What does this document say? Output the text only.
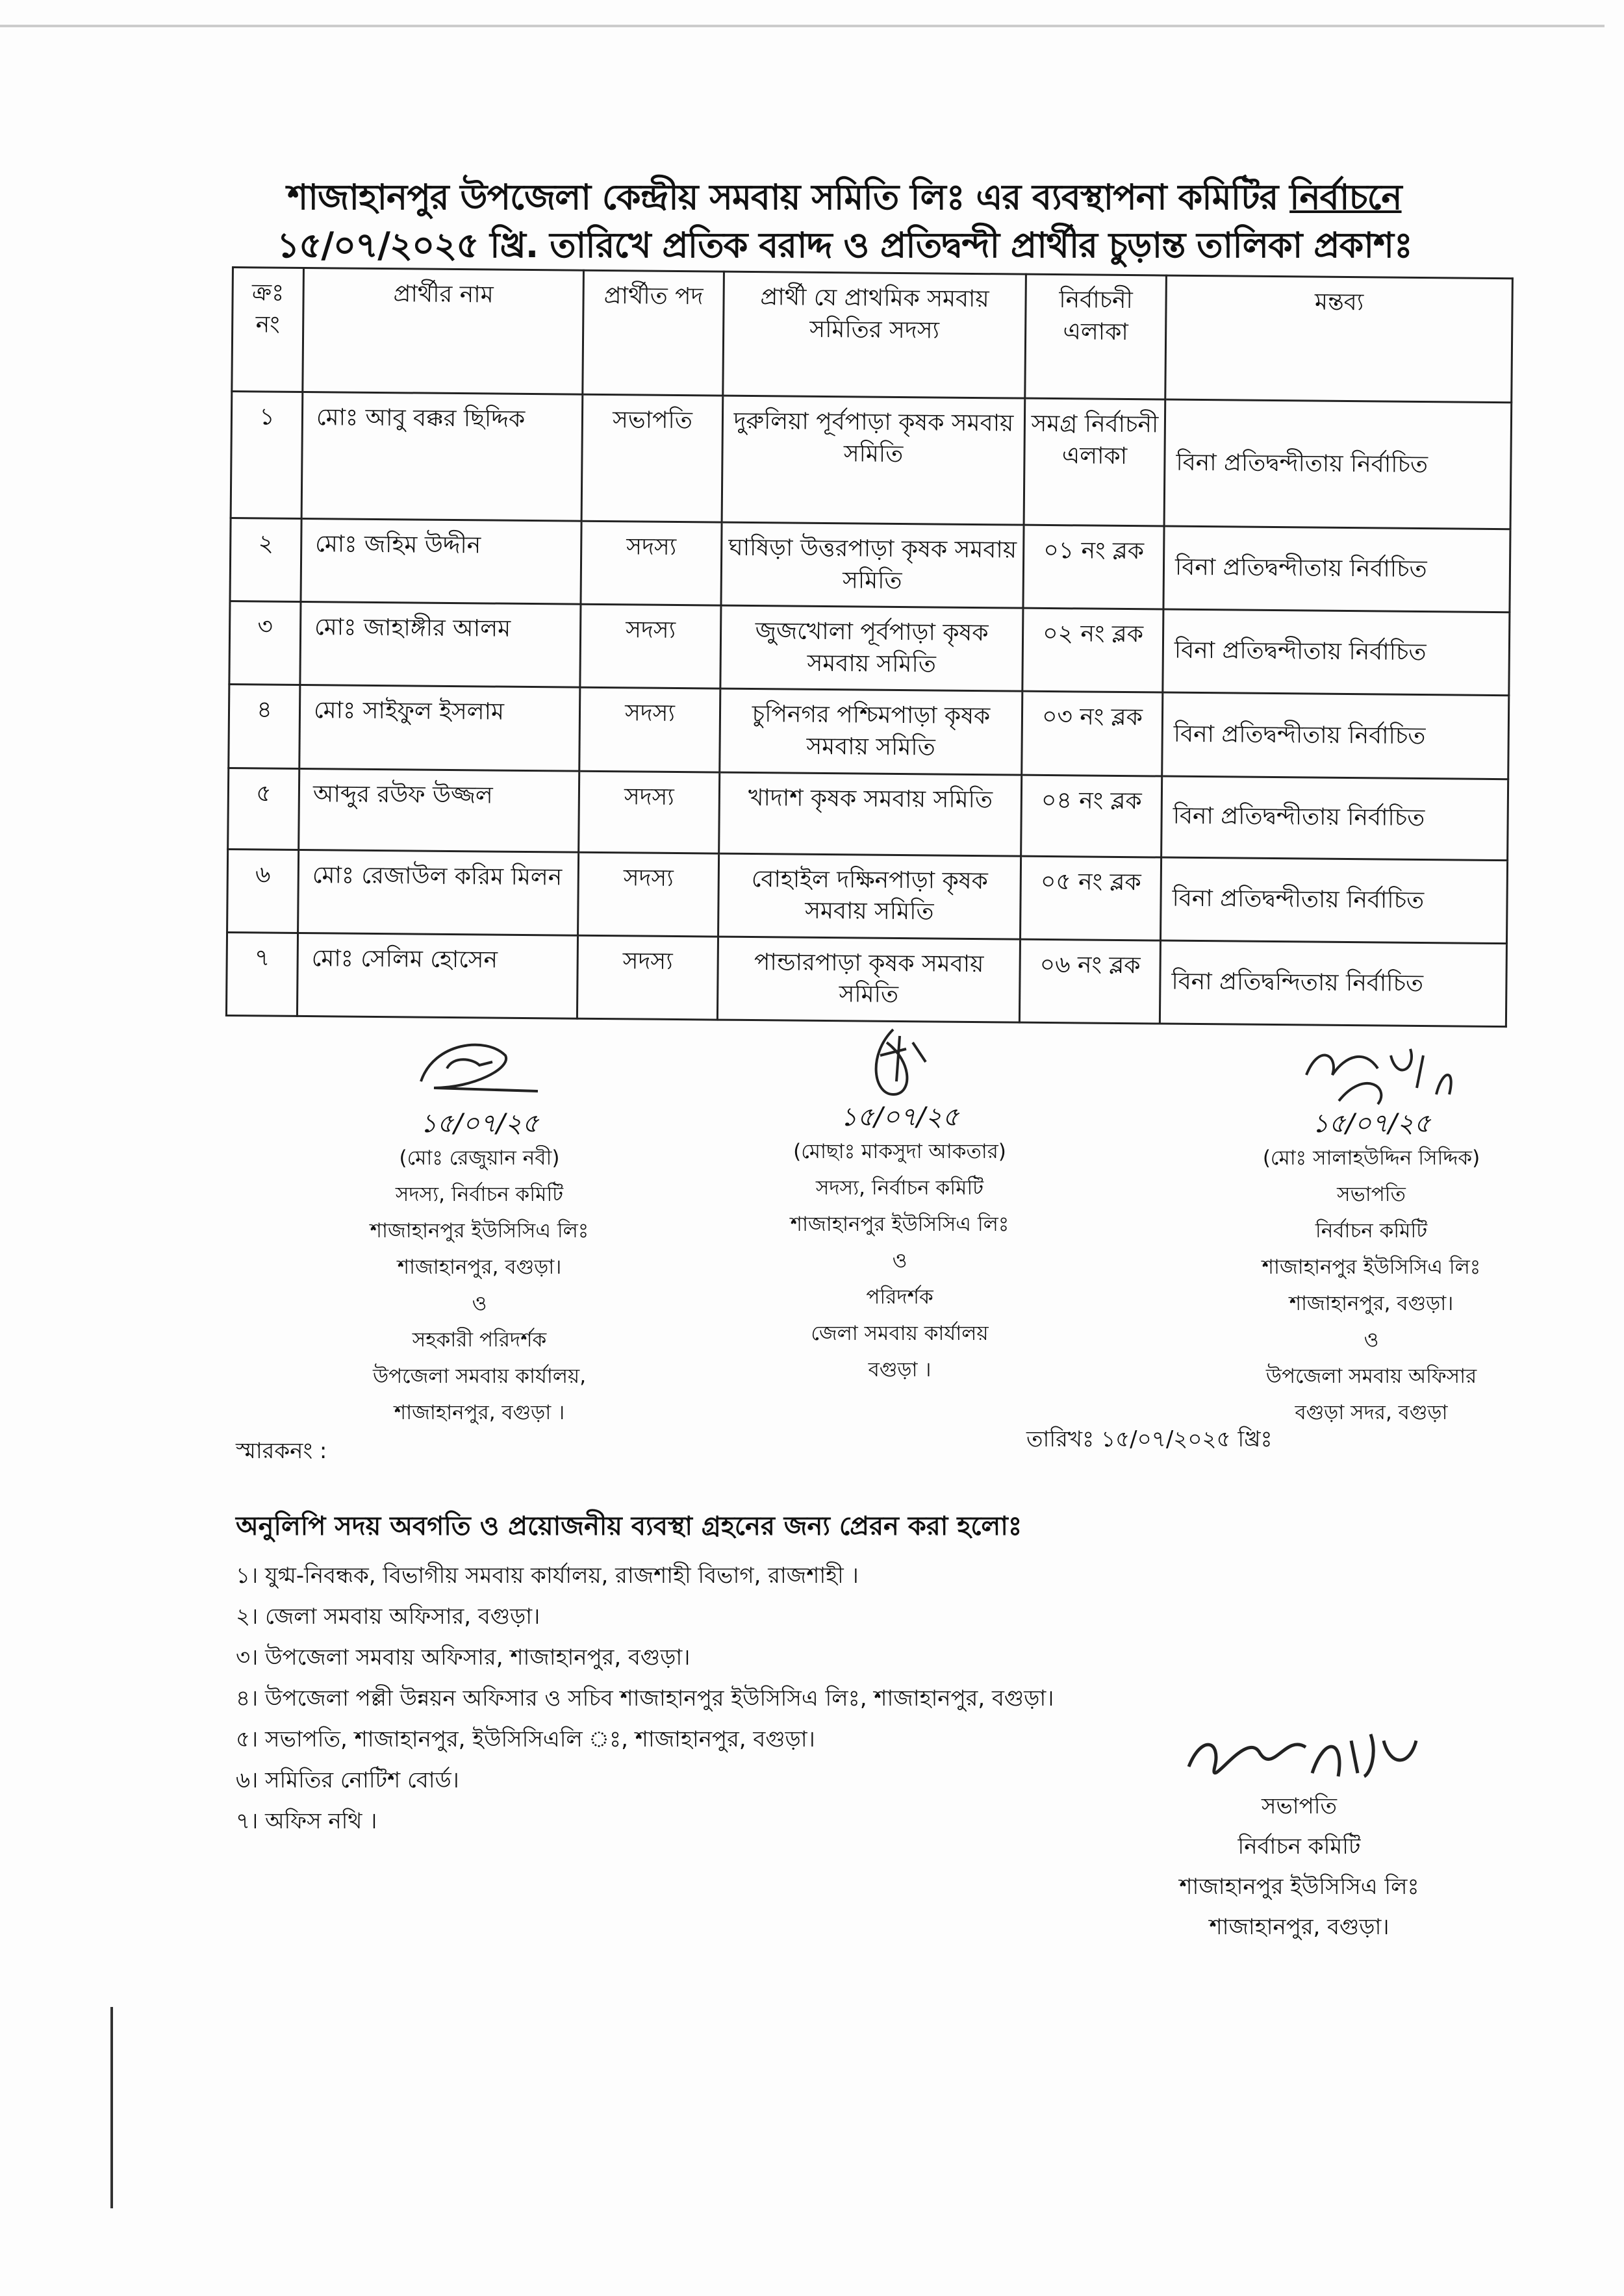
শাজাহানপুর উপজেলা কেন্দ্রীয় সমবায় সমিতি লিঃ এর ব্যবস্থাপনা কমিটির নির্বাচনে
১৫/০৭/২০২৫ খ্রি. তারিখে প্রতিক বরাদ্দ ও প্রতিদ্বন্দী প্রার্থীর চুড়ান্ত তালিকা প্রকাশঃ
ক্রঃ নং	প্রার্থীর নাম	প্রার্থীত পদ	প্রার্থী যে প্রাথমিক সমবায় সমিতির সদস্য	নির্বাচনী এলাকা	মন্তব্য
১	মোঃ আবু বক্কর ছিদ্দিক	সভাপতি	দুরুলিয়া পূর্বপাড়া কৃষক সমবায় সমিতি	সমগ্র নির্বাচনী এলাকা	বিনা প্রতিদ্বন্দীতায় নির্বাচিত
২	মোঃ জহিম উদ্দীন	সদস্য	ঘাষিড়া উত্তরপাড়া কৃষক সমবায় সমিতি	০১ নং ব্লক	বিনা প্রতিদ্বন্দীতায় নির্বাচিত
৩	মোঃ জাহাঙ্গীর আলম	সদস্য	জুজখোলা পূর্বপাড়া কৃষক সমবায় সমিতি	০২ নং ব্লক	বিনা প্রতিদ্বন্দীতায় নির্বাচিত
৪	মোঃ সাইফুল ইসলাম	সদস্য	চুপিনগর পশ্চিমপাড়া কৃষক সমবায় সমিতি	০৩ নং ব্লক	বিনা প্রতিদ্বন্দীতায় নির্বাচিত
৫	আব্দুর রউফ উজ্জল	সদস্য	খাদাশ কৃষক সমবায় সমিতি	০৪ নং ব্লক	বিনা প্রতিদ্বন্দীতায় নির্বাচিত
৬	মোঃ রেজাউল করিম মিলন	সদস্য	বোহাইল দক্ষিনপাড়া কৃষক সমবায় সমিতি	০৫ নং ব্লক	বিনা প্রতিদ্বন্দীতায় নির্বাচিত
৭	মোঃ সেলিম হোসেন	সদস্য	পান্ডারপাড়া কৃষক সমবায় সমিতি	০৬ নং ব্লক	বিনা প্রতিদ্বন্দিতায় নির্বাচিত
১৫/০৭/২৫
(মোঃ রেজুয়ান নবী)
সদস্য, নির্বাচন কমিটি
শাজাহানপুর ইউসিসিএ লিঃ
শাজাহানপুর, বগুড়া।
ও
সহকারী পরিদর্শক
উপজেলা সমবায় কার্যালয়,
শাজাহানপুর, বগুড়া ।
১৫/০৭/২৫
(মোছাঃ মাকসুদা আকতার)
সদস্য, নির্বাচন কমিটি
শাজাহানপুর ইউসিসিএ লিঃ
ও
পরিদর্শক
জেলা সমবায় কার্যালয়
বগুড়া ।
১৫/০৭/২৫
(মোঃ সালাহউদ্দিন সিদ্দিক)
সভাপতি
নির্বাচন কমিটি
শাজাহানপুর ইউসিসিএ লিঃ
শাজাহানপুর, বগুড়া।
ও
উপজেলা সমবায় অফিসার
বগুড়া সদর, বগুড়া
স্মারকনং :	তারিখঃ ১৫/০৭/২০২৫ খ্রিঃ
অনুলিপি সদয় অবগতি ও প্রয়োজনীয় ব্যবস্থা গ্রহনের জন্য প্রেরন করা হলোঃ
১। যুগ্ম-নিবন্ধক, বিভাগীয় সমবায় কার্যালয়, রাজশাহী বিভাগ, রাজশাহী ।
২। জেলা সমবায় অফিসার, বগুড়া।
৩। উপজেলা সমবায় অফিসার, শাজাহানপুর, বগুড়া।
৪। উপজেলা পল্লী উন্নয়ন অফিসার ও সচিব শাজাহানপুর ইউসিসিএ লিঃ, শাজাহানপুর, বগুড়া।
৫। সভাপতি, শাজাহানপুর, ইউসিসিএলি ঃ, শাজাহানপুর, বগুড়া।
৬। সমিতির নোটিশ বোর্ড।
৭। অফিস নথি ।
সভাপতি
নির্বাচন কমিটি
শাজাহানপুর ইউসিসিএ লিঃ
শাজাহানপুর, বগুড়া।
